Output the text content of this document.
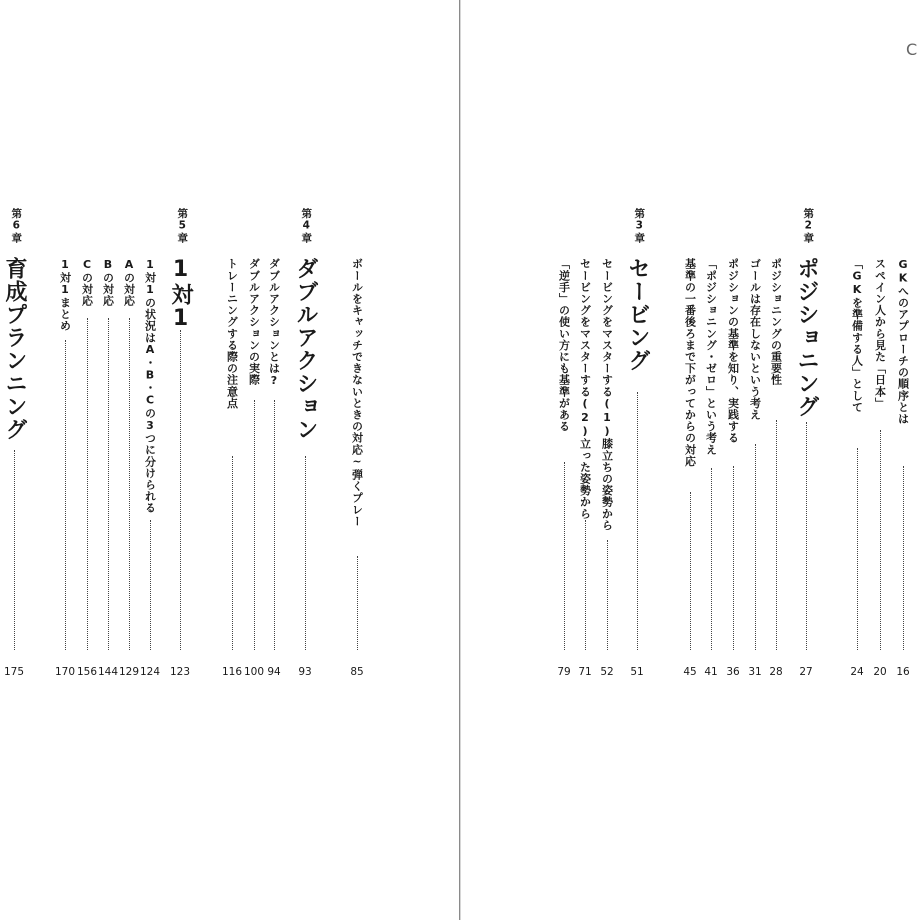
第6章
育成プランニング
175
1対1まとめ
170
Cの対応
156
Bの対応
144
Aの対応
129
1対1の状況はA・B・Cの3つに分けられる
124
第5章
1対1
123
トレーニングする際の注意点
116
ダブルアクションの実際
100
ダブルアクションとは?
94
第4章
ダブルアクション
93
ボールをキャッチできないときの対応~弾くプレー
85
「逆手」の使い方にも基準がある
79
セービングをマスターする(2)立った姿勢から
71
セービングをマスターする(1)膝立ちの姿勢から
52
第3章
セービング
51
基準の一番後ろまで下がってからの対応
45
「ポジショニング・ゼロ」という考え
41
ポジションの基準を知り、実践する
36
ゴールは存在しないという考え
31
ポジショニングの重要性
28
第2章
ポジショニング
27
「GKを準備する人」として
24
スペイン人から見た「日本」
20
GKへのアプローチの順序とは
16
C
